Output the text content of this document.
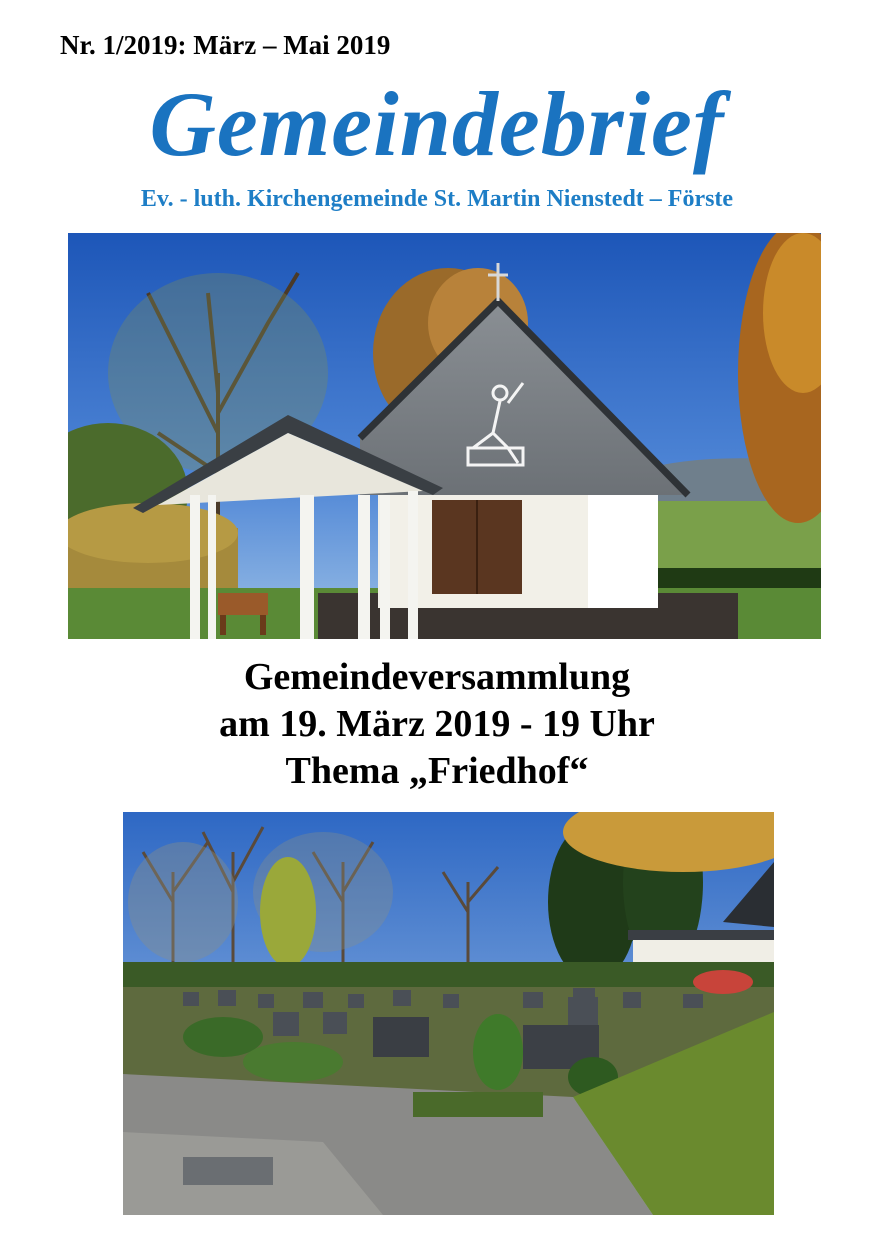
Nr. 1/2019: März – Mai 2019
Gemeindebrief
Ev. - luth. Kirchengemeinde St. Martin Nienstedt – Förste
Gemeindeversammlung
am 19. März 2019 - 19 Uhr
Thema „Friedhof“
